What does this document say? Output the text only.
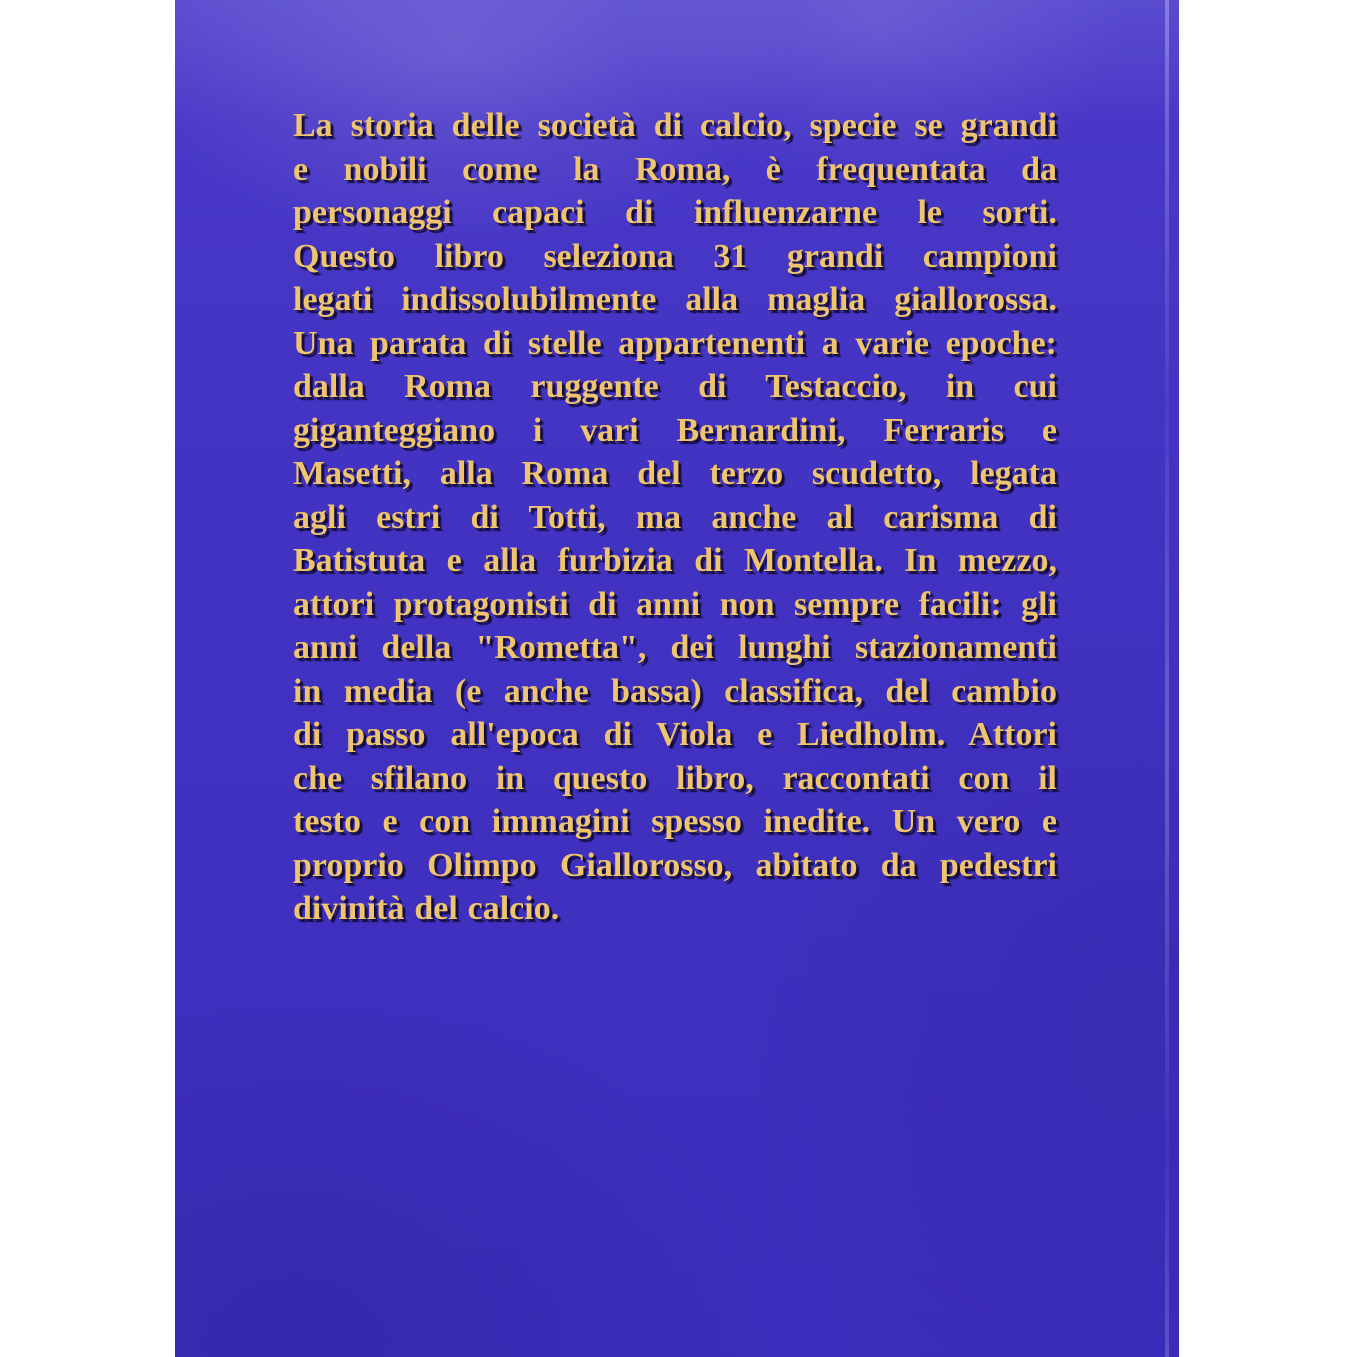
La storia delle società di calcio, specie se grandi
e nobili come la Roma, è frequentata da
personaggi capaci di influenzarne le sorti.
Questo libro seleziona 31 grandi campioni
legati indissolubilmente alla maglia giallorossa.
Una parata di stelle appartenenti a varie epoche:
dalla Roma ruggente di Testaccio, in cui
giganteggiano i vari Bernardini, Ferraris e
Masetti, alla Roma del terzo scudetto, legata
agli estri di Totti, ma anche al carisma di
Batistuta e alla furbizia di Montella. In mezzo,
attori protagonisti di anni non sempre facili: gli
anni della "Rometta", dei lunghi stazionamenti
in media (e anche bassa) classifica, del cambio
di passo all'epoca di Viola e Liedholm. Attori
che sfilano in questo libro, raccontati con il
testo e con immagini spesso inedite. Un vero e
proprio Olimpo Giallorosso, abitato da pedestri
divinità del calcio.
